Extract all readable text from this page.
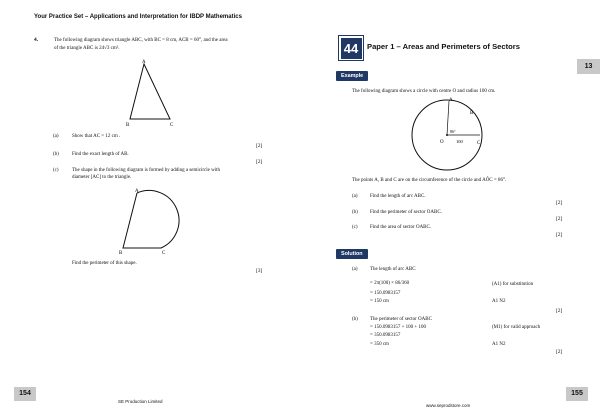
Your Practice Set – Applications and Interpretation for IBDP Mathematics
4.	The following diagram shows triangle ABC, with BC = 8 cm, ACB = 60°, and the area
of the triangle ABC is 24√3 cm².
A
B	C
(a)	Show that AC = 12 cm .
[2]
(b)	Find the exact length of AB.
[2]
(c)	The shape in the following diagram is formed by adding a semicircle with
diameter [AC] to the triangle.
A
B	C
Find the perimeter of this shape.
[3]
154
SE Production Limited
44	Paper 1 – Areas and Perimeters of Sectors
13
Example
The following diagram shows a circle with centre O and radius 100 cm.
A
B
C
O	100
86°
The points A, B and C are on the circumference of the circle and AÔC = 86°.
(a) Find the length of arc ABC.
[2]
(b) Find the perimeter of sector OABC.
[2]
(c) Find the area of sector OABC.
[2]
Solution
(a) The length of arc ABC
= 2π(100) × 86/360
= 150.0983157
= 150 cm
(A1) for substitution
A1 N2
[2]
(b) The perimeter of sector OABC
= 150.0983157 + 100 + 100
= 350.0983157
= 350 cm
(M1) for valid approach
A1 N2
[2]
155
www.seprodstore.com
